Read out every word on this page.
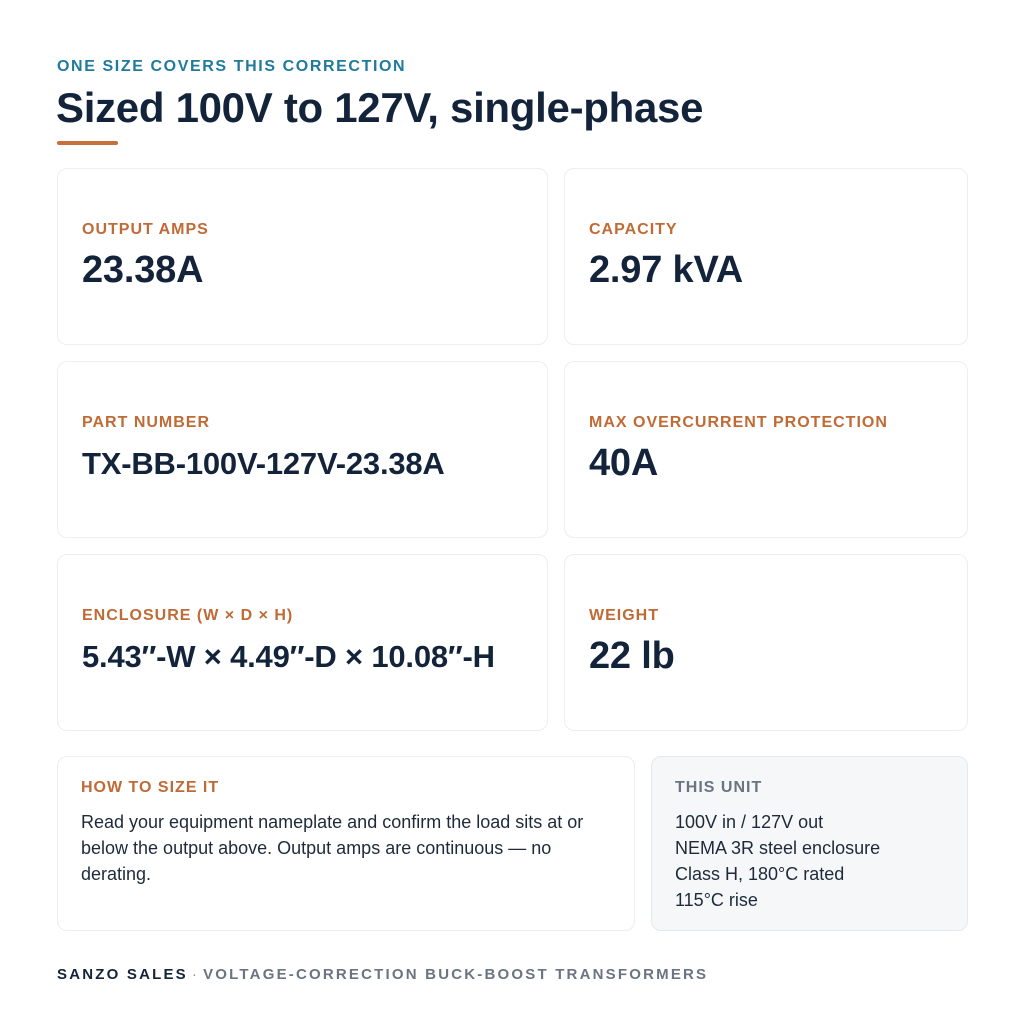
ONE SIZE COVERS THIS CORRECTION
Sized 100V to 127V, single-phase
OUTPUT AMPS
23.38A
CAPACITY
2.97 kVA
PART NUMBER
TX-BB-100V-127V-23.38A
MAX OVERCURRENT PROTECTION
40A
ENCLOSURE (W × D × H)
5.43″-W × 4.49″-D × 10.08″-H
WEIGHT
22 lb
HOW TO SIZE IT

Read your equipment nameplate and confirm the load sits at or below the output above. Output amps are continuous — no derating.

THIS UNIT
100V in / 127V out
NEMA 3R steel enclosure
Class H, 180°C rated
115°C rise
SANZO SALES · VOLTAGE-CORRECTION BUCK-BOOST TRANSFORMERS
